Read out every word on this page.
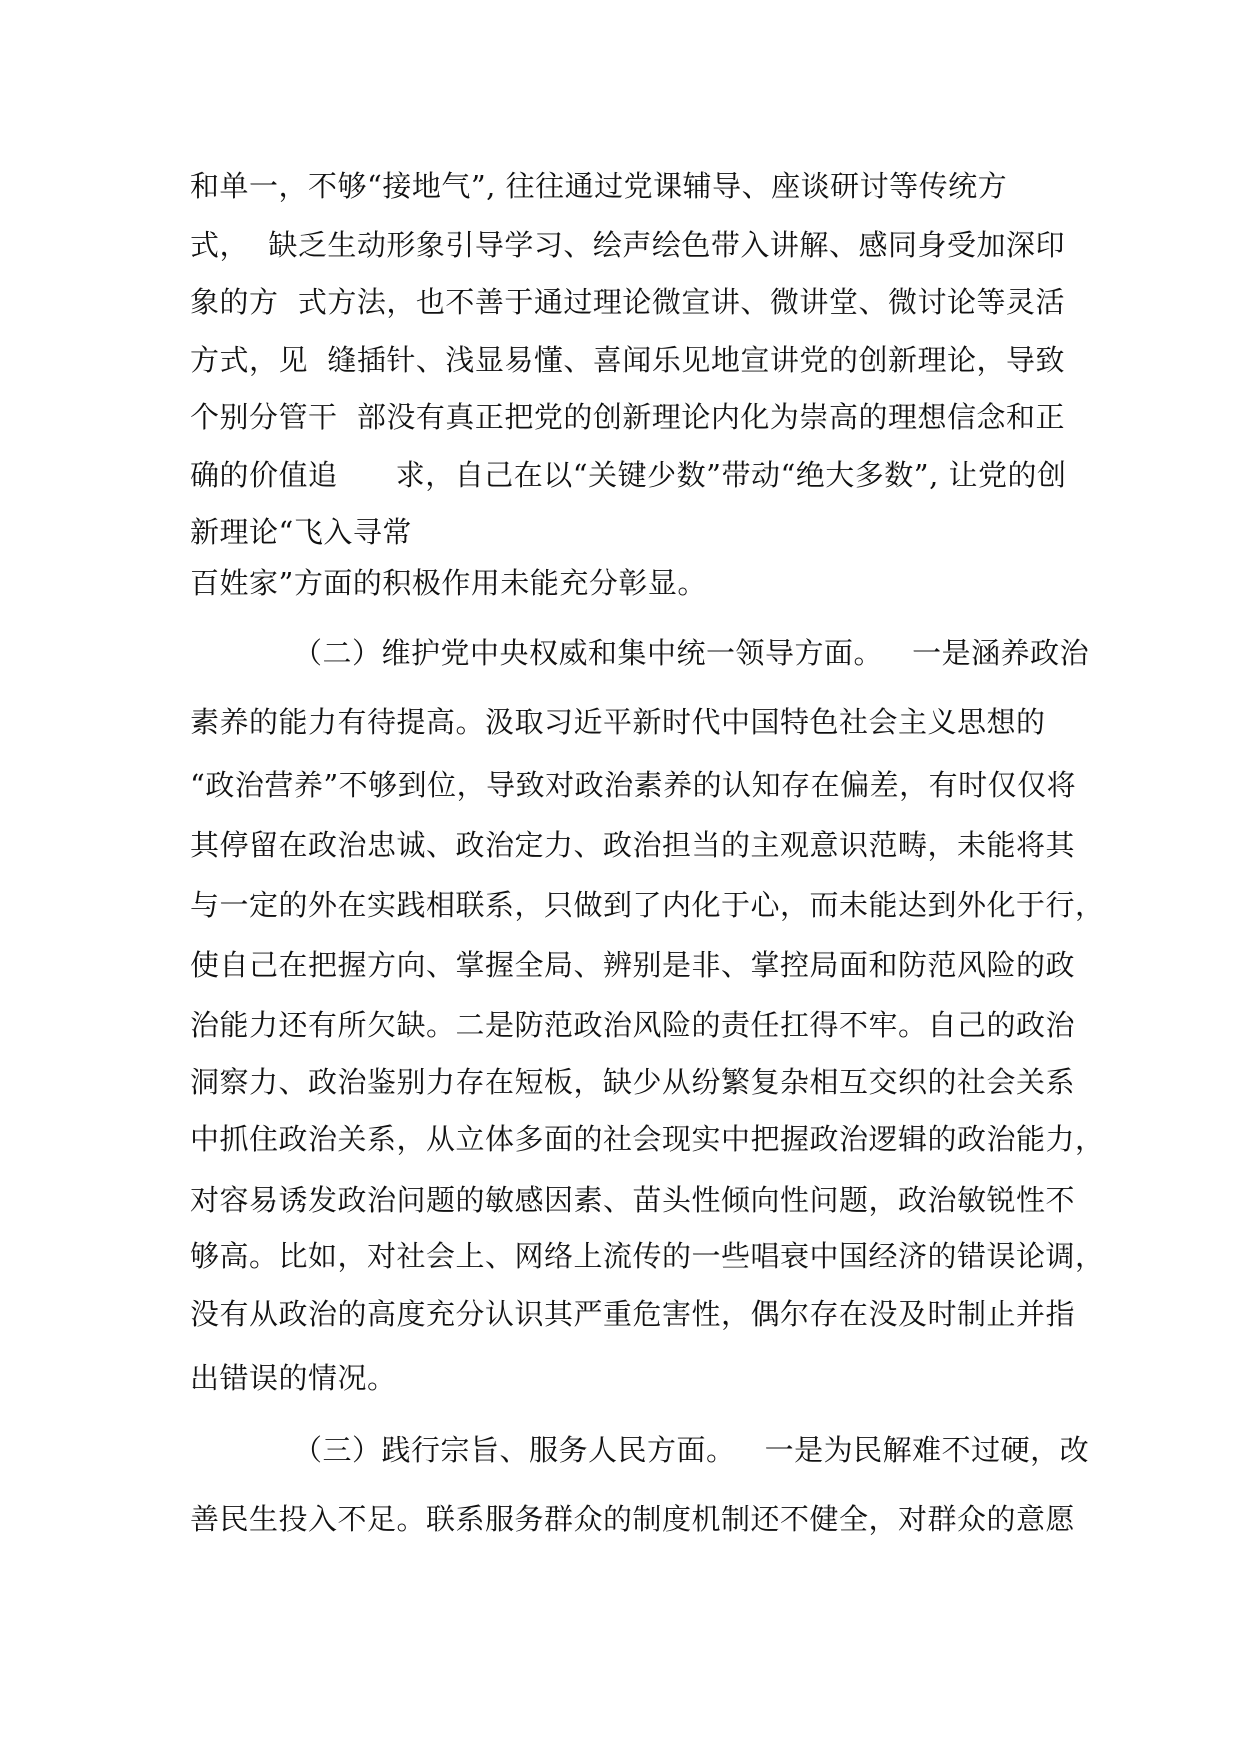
和单一，不够“接地气”, 往往通过党课辅导、座谈研讨等传统方
式，  缺乏生动形象引导学习、绘声绘色带入讲解、感同身受加深印
象的方  式方法，也不善于通过理论微宣讲、微讲堂、微讨论等灵活
方式，见  缝插针、浅显易懂、喜闻乐见地宣讲党的创新理论，导致
个别分管干  部没有真正把党的创新理论内化为崇高的理想信念和正
确的价值追      求，自己在以“关键少数”带动“绝大多数”, 让党的创
新理论“飞入寻常
百姓家”方面的积极作用未能充分彰显。
（二）维护党中央权威和集中统一领导方面。   一是涵养政治
素养的能力有待提高。汲取习近平新时代中国特色社会主义思想的
“政治营养”不够到位，导致对政治素养的认知存在偏差，有时仅仅将
其停留在政治忠诚、政治定力、政治担当的主观意识范畴，未能将其
与一定的外在实践相联系，只做到了内化于心，而未能达到外化于行，
使自己在把握方向、掌握全局、辨别是非、掌控局面和防范风险的政
治能力还有所欠缺。二是防范政治风险的责任扛得不牢。自己的政治
洞察力、政治鉴别力存在短板，缺少从纷繁复杂相互交织的社会关系
中抓住政治关系，从立体多面的社会现实中把握政治逻辑的政治能力，
对容易诱发政治问题的敏感因素、苗头性倾向性问题，政治敏锐性不
够高。比如，对社会上、网络上流传的一些唱衰中国经济的错误论调，
没有从政治的高度充分认识其严重危害性，偶尔存在没及时制止并指
出错误的情况。
（三）践行宗旨、服务人民方面。   一是为民解难不过硬，改
善民生投入不足。联系服务群众的制度机制还不健全，对群众的意愿
